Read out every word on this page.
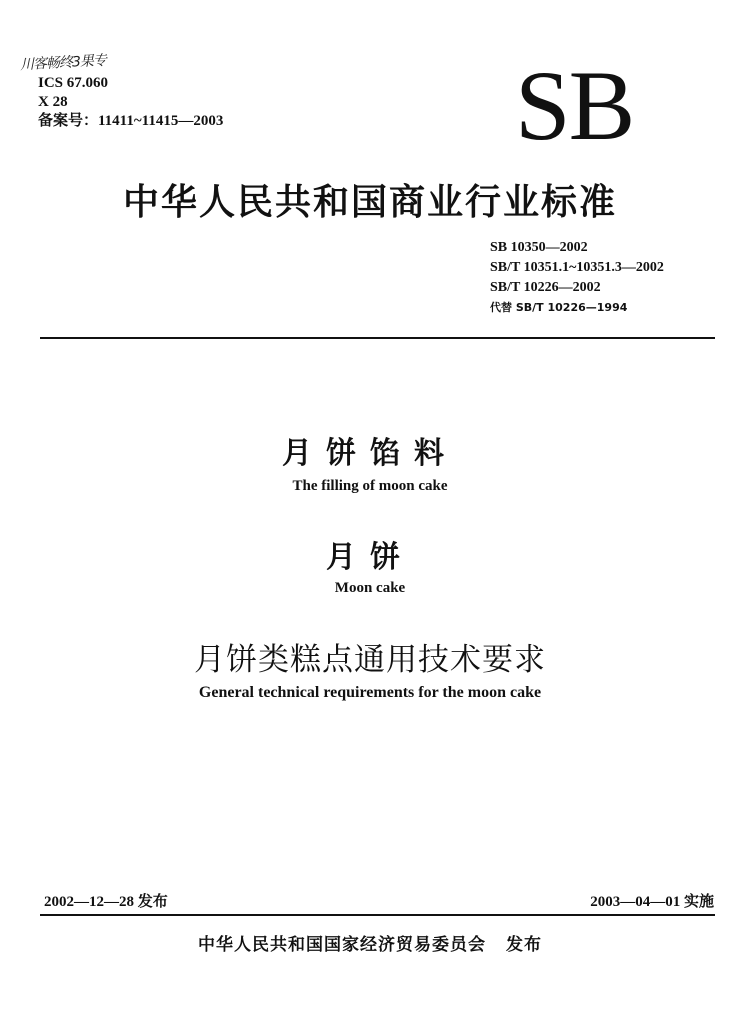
川客畅终3果专
ICS 67.060
X 28
备案号：11411~11415—2003	SB
中华人民共和国商业行业标准
SB 10350—2002
SB/T 10351.1~10351.3—2002
SB/T 10226—2002
代替 SB/T 10226—1994
月饼馅料
The filling of moon cake
月饼
Moon cake
月饼类糕点通用技术要求
General technical requirements for the moon cake
2002—12—28 发布	2003—04—01 实施
中华人民共和国国家经济贸易委员会 发布
